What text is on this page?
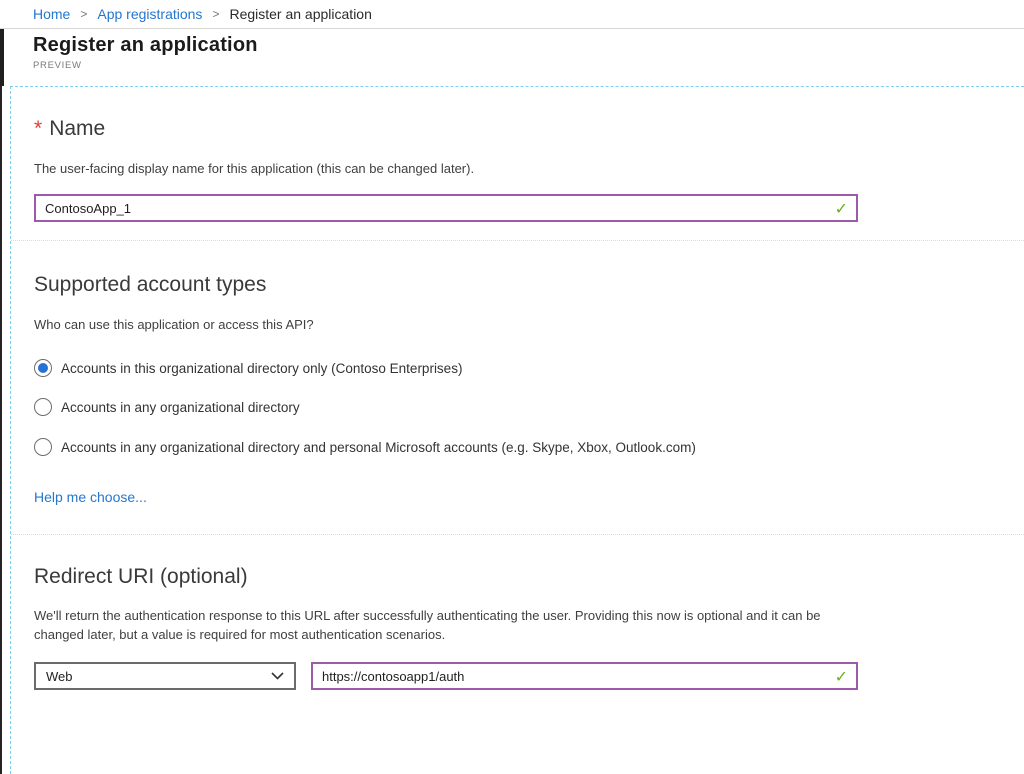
Home > App registrations > Register an application
Register an application
PREVIEW
* Name
The user-facing display name for this application (this can be changed later).
ContosoApp_1
✓
Supported account types
Who can use this application or access this API?
Accounts in this organizational directory only (Contoso Enterprises)
Accounts in any organizational directory
Accounts in any organizational directory and personal Microsoft accounts (e.g. Skype, Xbox, Outlook.com)
Help me choose...
Redirect URI (optional)
We'll return the authentication response to this URL after successfully authenticating the user. Providing this now is optional and it can be changed later, but a value is required for most authentication scenarios.
Web
https://contosoapp1/auth	✓
